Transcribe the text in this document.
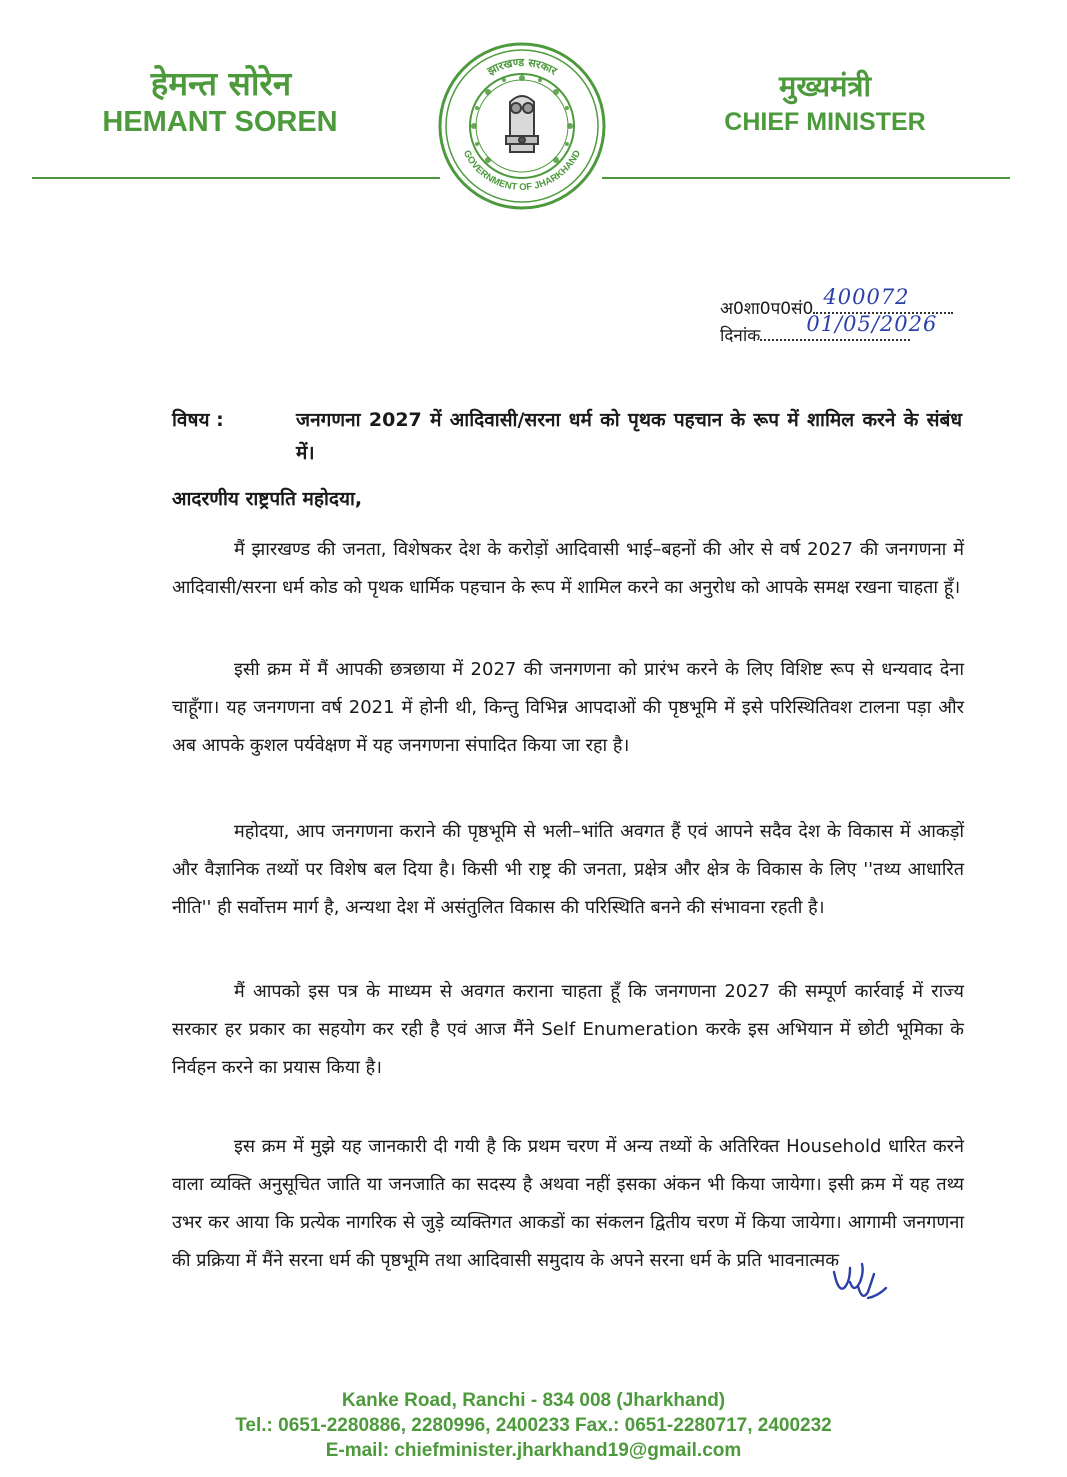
हेमन्त सोरेन
HEMANT SOREN
मुख्यमंत्री
CHIEF MINISTER
झारखण्ड सरकार
GOVERNMENT OF JHARKHAND
अ0शा0प0सं0 400072
दिनांक 01/05/2026
विषय :	जनगणना 2027 में आदिवासी/सरना धर्म को पृथक पहचान के रूप में शामिल करने के संबंध में।
आदरणीय राष्ट्रपति महोदया,
मैं झारखण्ड की जनता, विशेषकर देश के करोड़ों आदिवासी भाई–बहनों की ओर से वर्ष 2027 की जनगणना में आदिवासी/सरना धर्म कोड को पृथक धार्मिक पहचान के रूप में शामिल करने का अनुरोध को आपके समक्ष रखना चाहता हूँ।
इसी क्रम में मैं आपकी छत्रछाया में 2027 की जनगणना को प्रारंभ करने के लिए विशिष्ट रूप से धन्यवाद देना चाहूँगा। यह जनगणना वर्ष 2021 में होनी थी, किन्तु विभिन्न आपदाओं की पृष्ठभूमि में इसे परिस्थितिवश टालना पड़ा और अब आपके कुशल पर्यवेक्षण में यह जनगणना संपादित किया जा रहा है।
महोदया, आप जनगणना कराने की पृष्ठभूमि से भली–भांति अवगत हैं एवं आपने सदैव देश के विकास में आकड़ों और वैज्ञानिक तथ्यों पर विशेष बल दिया है। किसी भी राष्ट्र की जनता, प्रक्षेत्र और क्षेत्र के विकास के लिए ''तथ्य आधारित नीति'' ही सर्वोत्तम मार्ग है, अन्यथा देश में असंतुलित विकास की परिस्थिति बनने की संभावना रहती है।
मैं आपको इस पत्र के माध्यम से अवगत कराना चाहता हूँ कि जनगणना 2027 की सम्पूर्ण कार्रवाई में राज्य सरकार हर प्रकार का सहयोग कर रही है एवं आज मैंने Self Enumeration करके इस अभियान में छोटी भूमिका के निर्वहन करने का प्रयास किया है।
इस क्रम में मुझे यह जानकारी दी गयी है कि प्रथम चरण में अन्य तथ्यों के अतिरिक्त Household धारित करने वाला व्यक्ति अनुसूचित जाति या जनजाति का सदस्य है अथवा नहीं इसका अंकन भी किया जायेगा। इसी क्रम में यह तथ्य उभर कर आया कि प्रत्येक नागरिक से जुड़े व्यक्तिगत आकडों का संकलन द्वितीय चरण में किया जायेगा। आगामी जनगणना की प्रक्रिया में मैंने सरना धर्म की पृष्ठभूमि तथा आदिवासी समुदाय के अपने सरना धर्म के प्रति भावनात्मक
Kanke Road, Ranchi - 834 008 (Jharkhand)
Tel.: 0651-2280886, 2280996, 2400233 Fax.: 0651-2280717, 2400232
E-mail: chiefminister.jharkhand19@gmail.com
